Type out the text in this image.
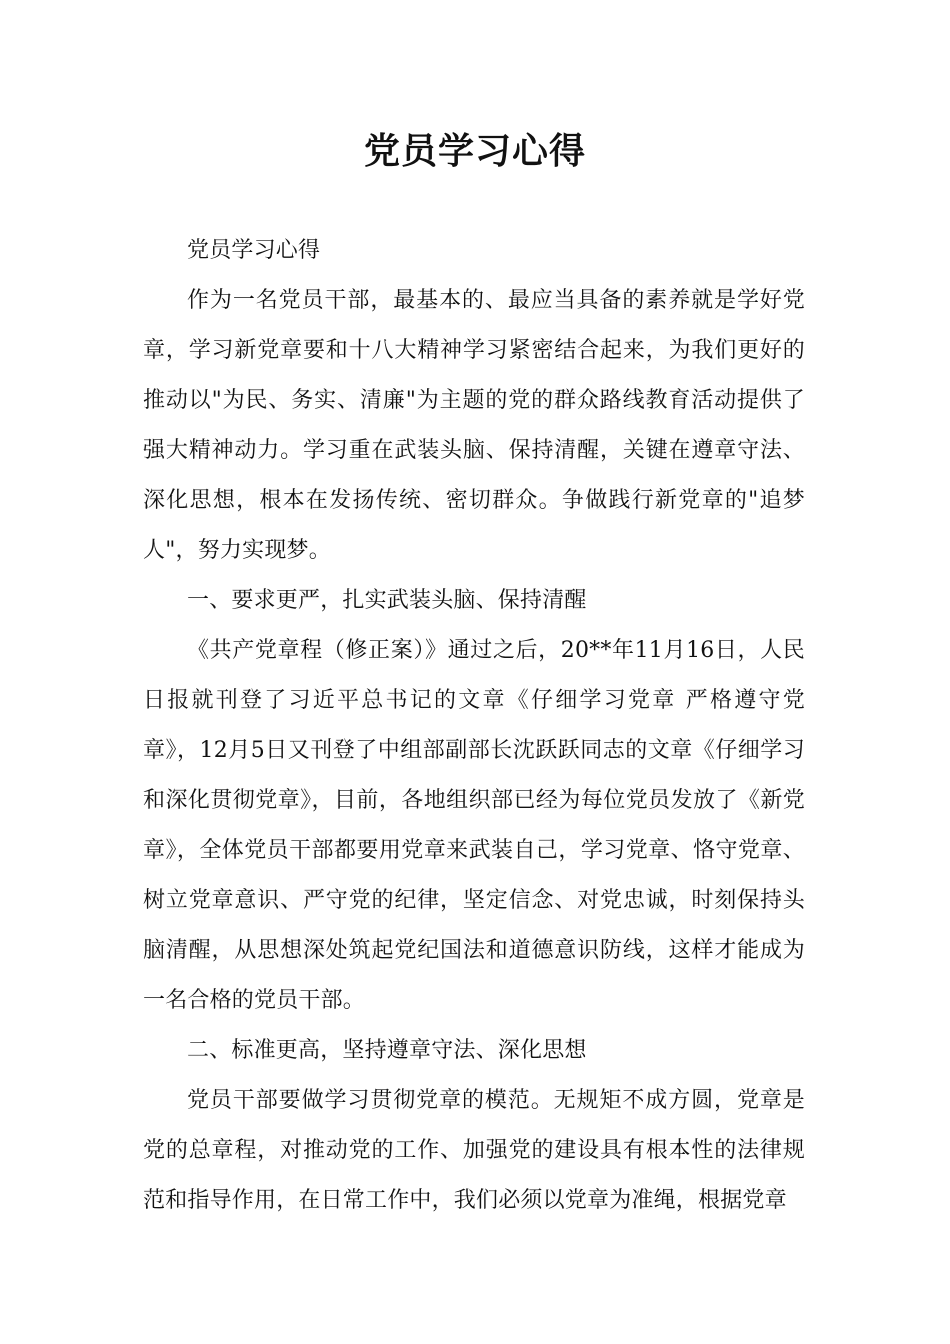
党员学习心得

党员学习心得

作为一名党员干部，最基本的、最应当具备的素养就是学好党章，学习新党章要和十八大精神学习紧密结合起来，为我们更好的推动以"为民、务实、清廉"为主题的党的群众路线教育活动提供了强大精神动力。学习重在武装头脑、保持清醒，关键在遵章守法、深化思想，根本在发扬传统、密切群众。争做践行新党章的"追梦人"，努力实现梦。

一、要求更严，扎实武装头脑、保持清醒

《共产党章程（修正案）》通过之后，20**年11月16日，人民日报就刊登了习近平总书记的文章《仔细学习党章 严格遵守党章》，12月5日又刊登了中组部副部长沈跃跃同志的文章《仔细学习和深化贯彻党章》，目前，各地组织部已经为每位党员发放了《新党章》，全体党员干部都要用党章来武装自己，学习党章、恪守党章、树立党章意识、严守党的纪律，坚定信念、对党忠诚，时刻保持头脑清醒，从思想深处筑起党纪国法和道德意识防线，这样才能成为一名合格的党员干部。

二、标准更高，坚持遵章守法、深化思想

党员干部要做学习贯彻党章的模范。无规矩不成方圆，党章是党的总章程，对推动党的工作、加强党的建设具有根本性的法律规范和指导作用，在日常工作中，我们必须以党章为准绳，根据党章
